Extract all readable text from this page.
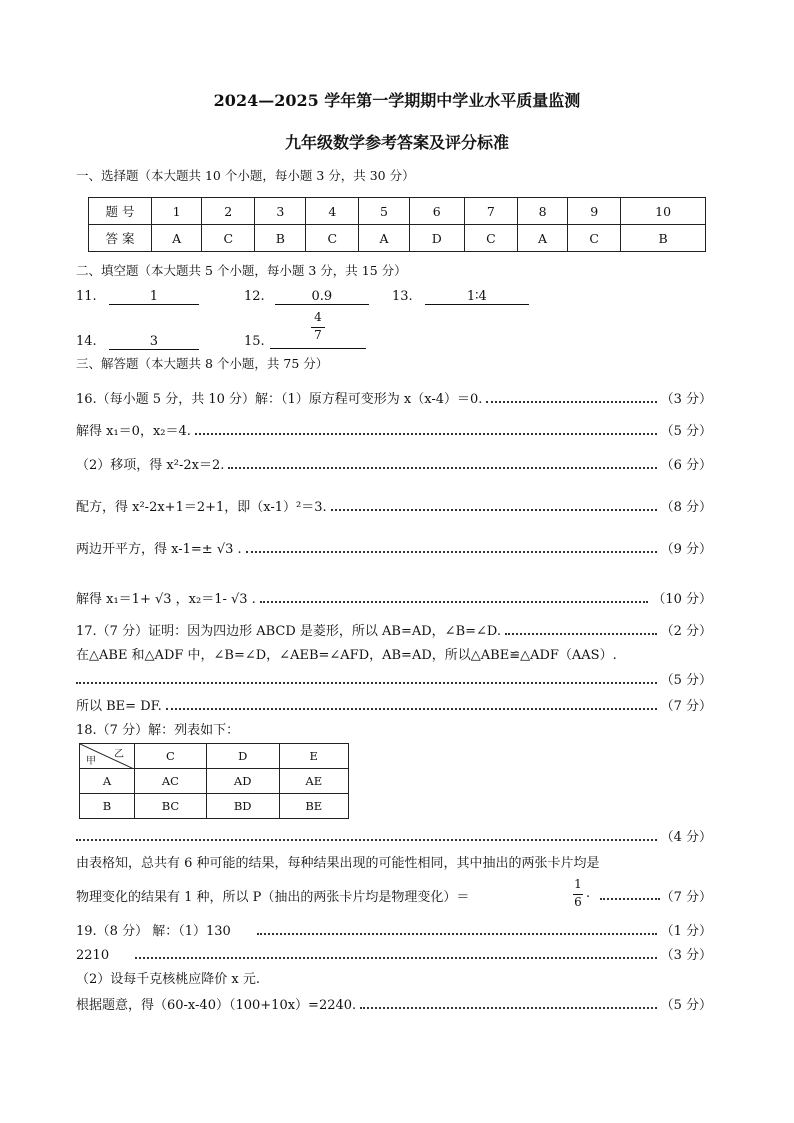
2024—2025 学年第一学期期中学业水平质量监测
九年级数学参考答案及评分标准
一、选择题（本大题共 10 个小题，每小题 3 分，共 30 分）
题 号	1	2	3	4	5	6	7	8	9	10
答 案	A	C	B	C	A	D	C	A	C	B
二、填空题（本大题共 5 个小题，每小题 3 分，共 15 分）
11.	1	12.	0.9	13.	1∶4
14.	3	15.
4
7
三、解答题（本大题共 8 个小题，共 75 分）
16.（每小题 5 分，共 10 分）解：（1）原方程可变形为 x（x-4）＝0.	（3 分）
解得 x₁＝0，x₂＝4.	（5 分）
（2）移项，得 x²-2x＝2.	（6 分）
配方，得 x²-2x+1＝2+1，即（x-1）²＝3.	（8 分）
两边开平方，得 x-1=± √3 .	（9 分）
解得 x₁＝1+ √3 ，x₂＝1- √3 .	（10 分）
17.（7 分）证明：因为四边形 ABCD 是菱形，所以 AB=AD，∠B=∠D.	（2 分）
在△ABE 和△ADF 中，∠B=∠D，∠AEB=∠AFD，AB=AD，所以△ABE≌△ADF（AAS）.
（5 分）
所以 BE= DF.	（7 分）
18.（7 分）解：列表如下：
乙
甲	C	D	E
A	AC	AD	AE
B	BC	BD	BE
（4 分）
由表格知，总共有 6 种可能的结果，每种结果出现的可能性相同，其中抽出的两张卡片均是
物理变化的结果有 1 种，所以 P（抽出的两张卡片均是物理变化）＝
1
6
.	（7 分）
19.（8 分） 解：（1）130	（1 分）
2210	（3 分）
（2）设每千克核桃应降价 x 元.
根据题意，得（60-x-40）（100+10x）=2240.	（5 分）
